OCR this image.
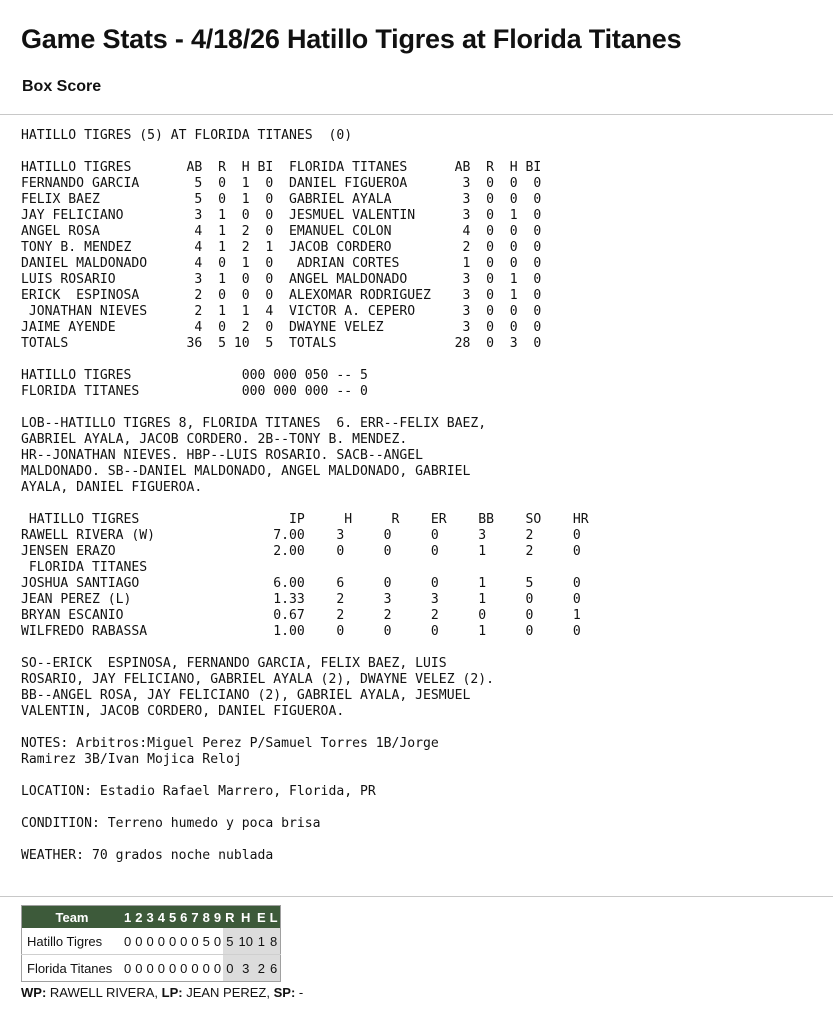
Game Stats - 4/18/26 Hatillo Tigres at Florida Titanes
Box Score
HATILLO TIGRES (5) AT FLORIDA TITANES  (0)

HATILLO TIGRES       AB  R  H BI  FLORIDA TITANES      AB  R  H BI
FERNANDO GARCIA       5  0  1  0  DANIEL FIGUEROA       3  0  0  0
FELIX BAEZ            5  0  1  0  GABRIEL AYALA         3  0  0  0
JAY FELICIANO         3  1  0  0  JESMUEL VALENTIN      3  0  1  0
ANGEL ROSA            4  1  2  0  EMANUEL COLON         4  0  0  0
TONY B. MENDEZ        4  1  2  1  JACOB CORDERO         2  0  0  0
DANIEL MALDONADO      4  0  1  0   ADRIAN CORTES        1  0  0  0
LUIS ROSARIO          3  1  0  0  ANGEL MALDONADO       3  0  1  0
ERICK  ESPINOSA       2  0  0  0  ALEXOMAR RODRIGUEZ    3  0  1  0
JONATHAN NIEVES      2  1  1  4  VICTOR A. CEPERO      3  0  0  0
JAIME AYENDE          4  0  2  0  DWAYNE VELEZ          3  0  0  0
TOTALS               36  5 10  5  TOTALS               28  0  3  0

HATILLO TIGRES              000 000 050 -- 5
FLORIDA TITANES             000 000 000 -- 0

LOB--HATILLO TIGRES 8, FLORIDA TITANES  6. ERR--FELIX BAEZ,
GABRIEL AYALA, JACOB CORDERO. 2B--TONY B. MENDEZ.
HR--JONATHAN NIEVES. HBP--LUIS ROSARIO. SACB--ANGEL
MALDONADO. SB--DANIEL MALDONADO, ANGEL MALDONADO, GABRIEL
AYALA, DANIEL FIGUEROA.

HATILLO TIGRES                   IP     H     R    ER    BB    SO    HR
RAWELL RIVERA (W)               7.00    3     0     0     3     2     0
JENSEN ERAZO                    2.00    0     0     0     1     2     0
FLORIDA TITANES
JOSHUA SANTIAGO                 6.00    6     0     0     1     5     0
JEAN PEREZ (L)                  1.33    2     3     3     1     0     0
BRYAN ESCANIO                   0.67    2     2     2     0     0     1
WILFREDO RABASSA                1.00    0     0     0     1     0     0

SO--ERICK  ESPINOSA, FERNANDO GARCIA, FELIX BAEZ, LUIS
ROSARIO, JAY FELICIANO, GABRIEL AYALA (2), DWAYNE VELEZ (2).
BB--ANGEL ROSA, JAY FELICIANO (2), GABRIEL AYALA, JESMUEL
VALENTIN, JACOB CORDERO, DANIEL FIGUEROA.

NOTES: Arbitros:Miguel Perez P/Samuel Torres 1B/Jorge
Ramirez 3B/Ivan Mojica Reloj

LOCATION: Estadio Rafael Marrero, Florida, PR

CONDITION: Terreno humedo y poca brisa

WEATHER: 70 grados noche nublada
Team	1	2	3	4	5	6	7	8	9	R	H	E	L
Hatillo Tigres	0	0	0	0	0	0	0	5	0	5	10	1	8
Florida Titanes	0	0	0	0	0	0	0	0	0	0	3	2	6
WP: RAWELL RIVERA, LP: JEAN PEREZ, SP: -
